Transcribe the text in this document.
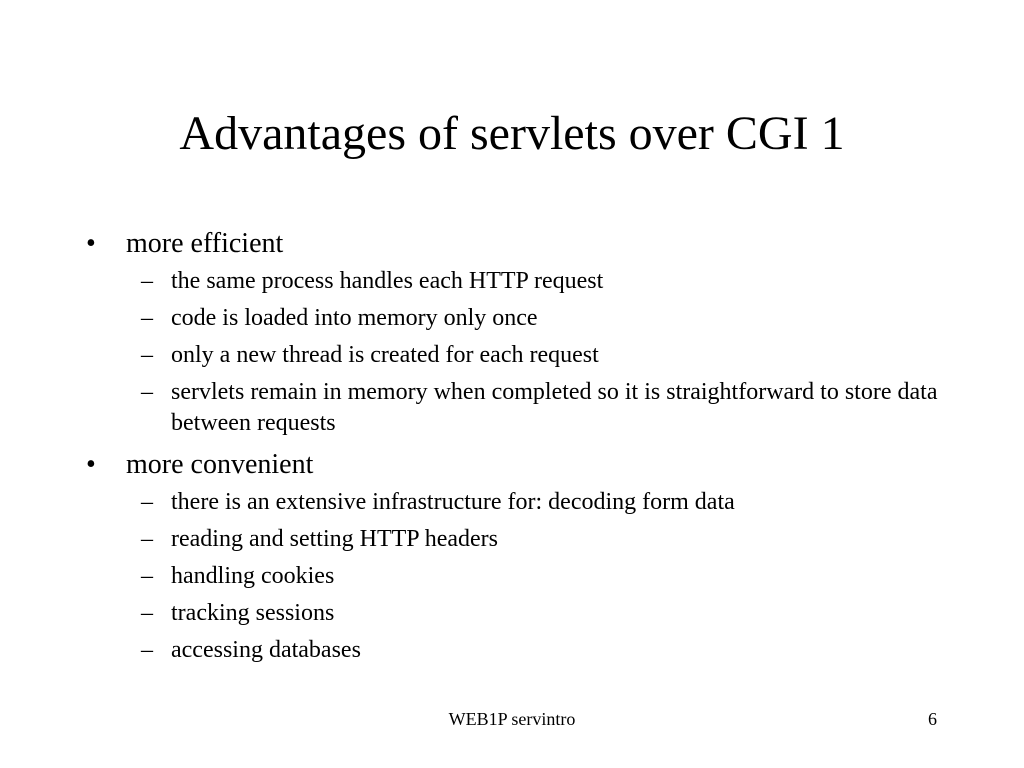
Advantages of servlets over CGI 1
• more efficient
– the same process handles each HTTP request
– code is loaded into memory only once
– only a new thread is created for each request
– servlets remain in memory when completed so it is straightforward to store data between requests
• more convenient
– there is an extensive infrastructure for: decoding form data
– reading and setting HTTP headers
– handling cookies
– tracking sessions
– accessing databases
WEB1P servintro	6
